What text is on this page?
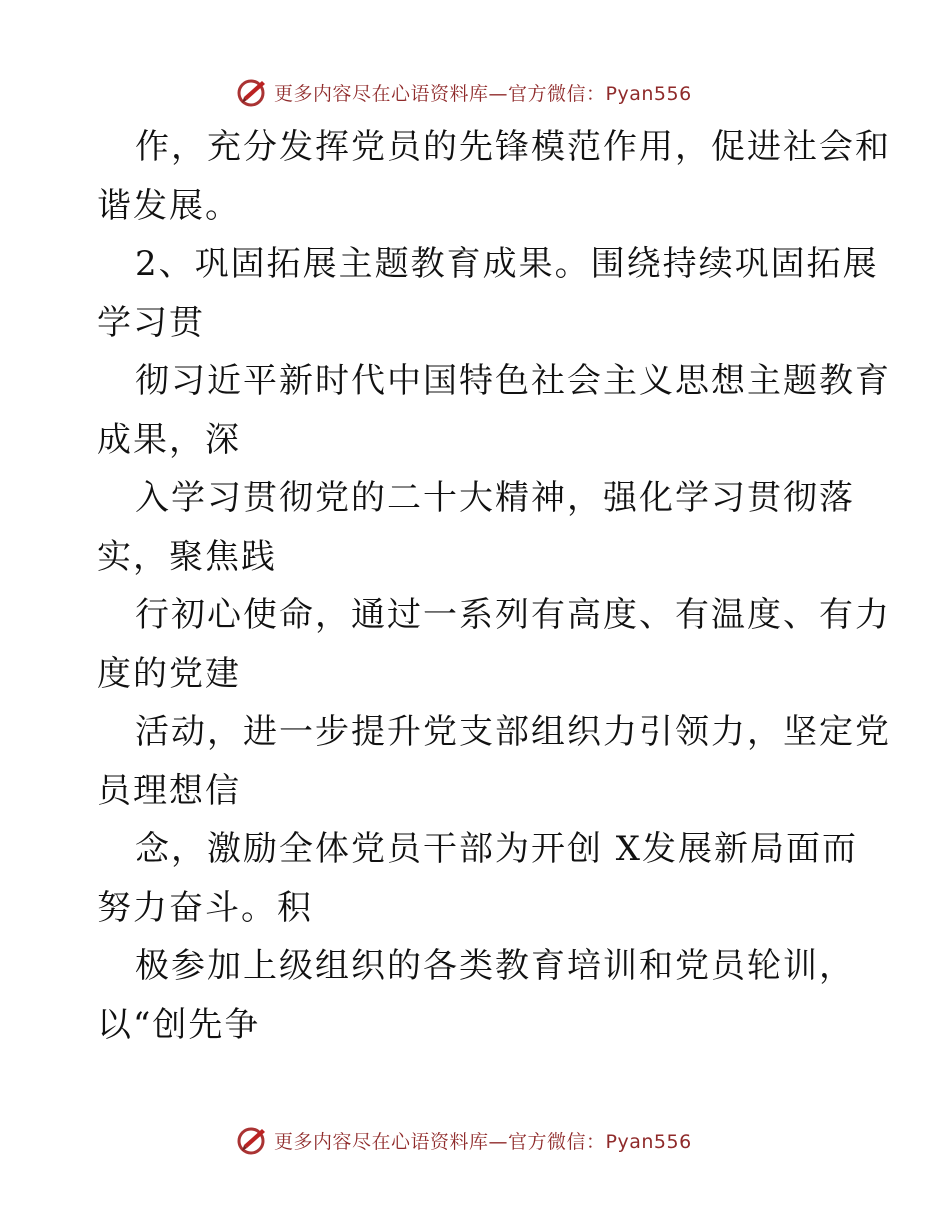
更多内容尽在心语资料库—官方微信：Pyan556
作，充分发挥党员的先锋模范作用，促进社会和
谐发展。
2、巩固拓展主题教育成果。围绕持续巩固拓展
学习贯
彻习近平新时代中国特色社会主义思想主题教育
成果，深
入学习贯彻党的二十大精神，强化学习贯彻落
实，聚焦践
行初心使命，通过一系列有高度、有温度、有力
度的党建
活动，进一步提升党支部组织力引领力，坚定党
员理想信
念，激励全体党员干部为开创 X发展新局面而
努力奋斗。积
极参加上级组织的各类教育培训和党员轮训，
以“创先争
更多内容尽在心语资料库—官方微信：Pyan556
